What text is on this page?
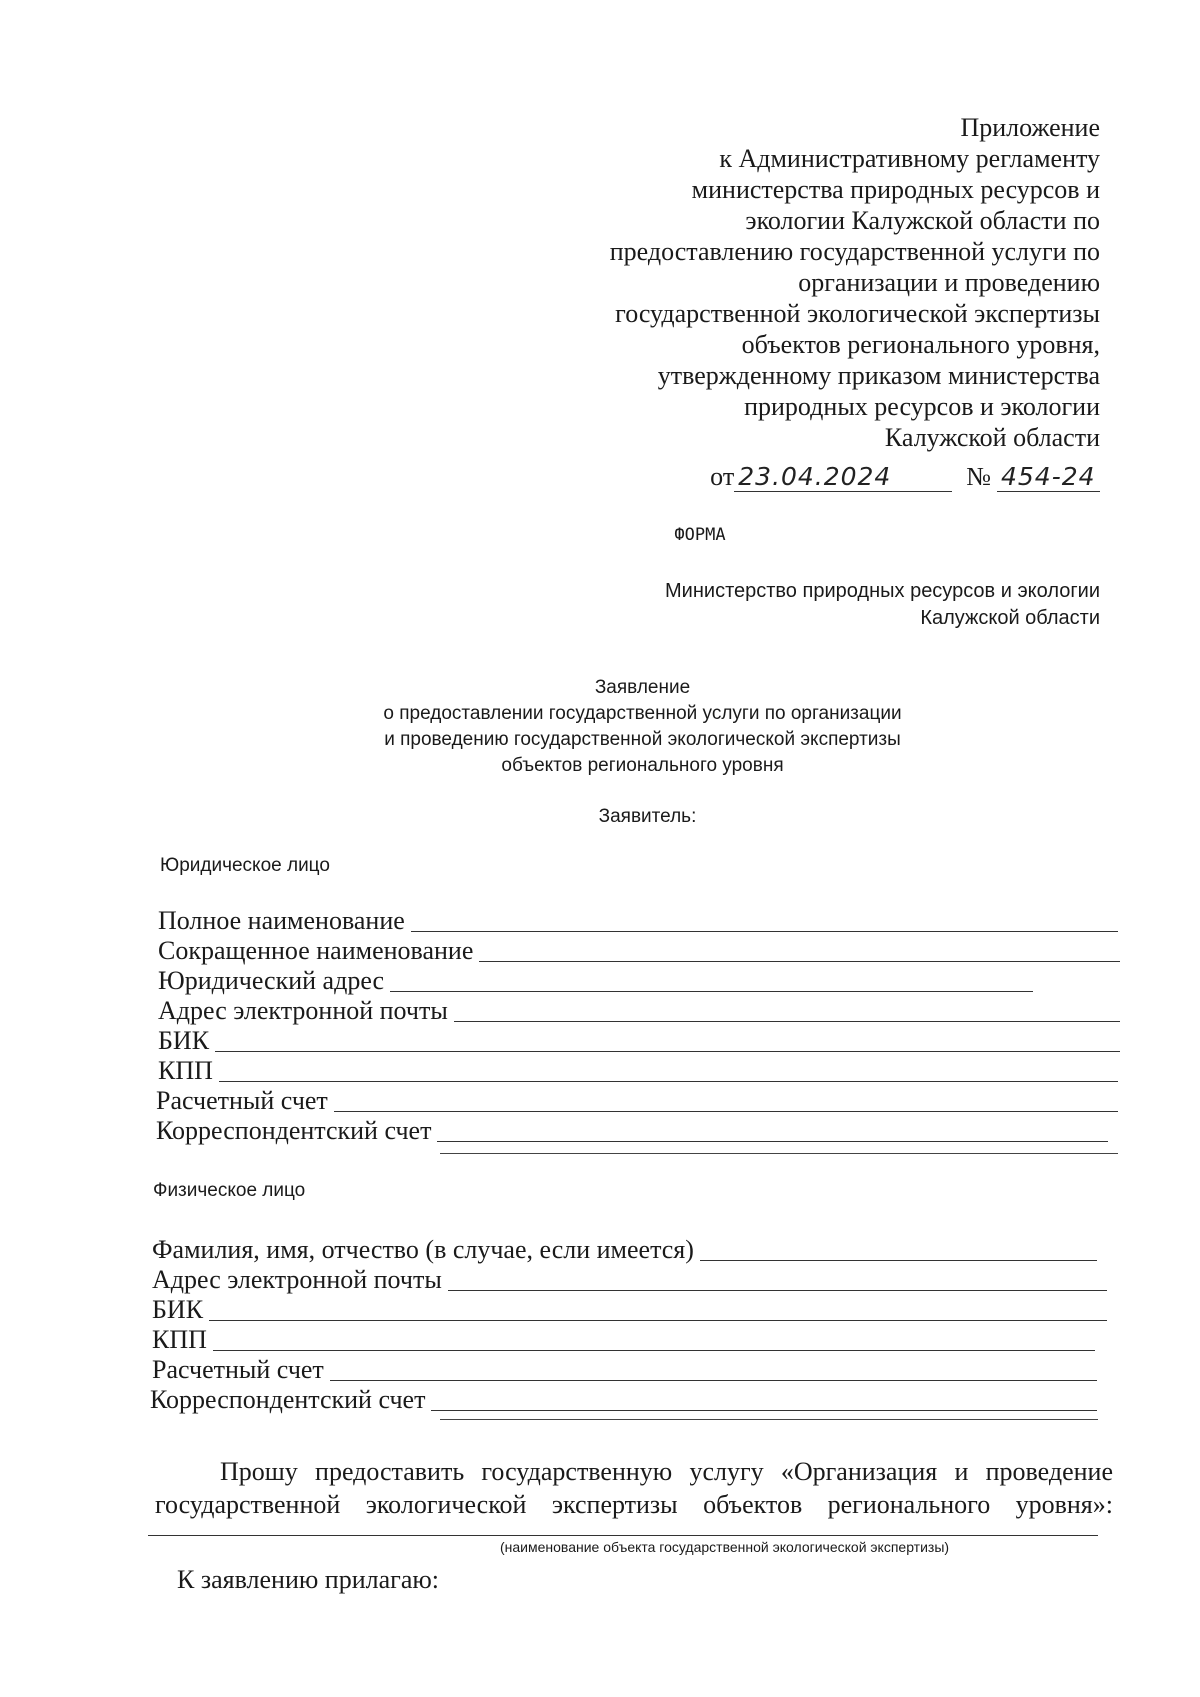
Приложение
к Административному регламенту
министерства природных ресурсов и
экологии Калужской области по
предоставлению государственной услуги по
организации и проведению
государственной экологической экспертизы
объектов регионального уровня,
утвержденному приказом министерства
природных ресурсов и экологии
Калужской области
от 23.04.2024	№ 454-24
ФОРМА
Министерство природных ресурсов и экологии
Калужской области
Заявление
о предоставлении государственной услуги по организации
и проведению государственной экологической экспертизы
объектов регионального уровня
Заявитель:
Юридическое лицо
Полное наименование
Сокращенное наименование
Юридический адрес
Адрес электронной почты
БИК
КПП
Расчетный счет
Корреспондентский счет
Физическое лицо
Фамилия, имя, отчество (в случае, если имеется)
Адрес электронной почты
БИК
КПП
Расчетный счет
Корреспондентский счет
Прошу предоставить государственную услугу «Организация и проведение
государственной экологической экспертизы объектов регионального уровня»:
(наименование объекта государственной экологической экспертизы)
К заявлению прилагаю:
